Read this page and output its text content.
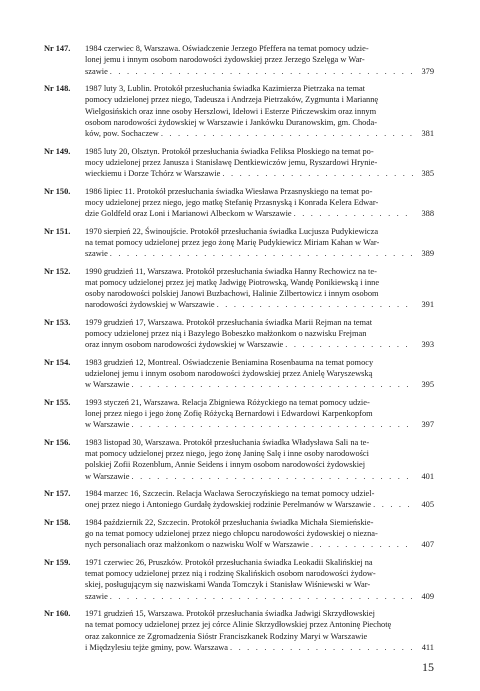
Nr 147. 1984 czerwiec 8, Warszawa. Oświadczenie Jerzego Pfeffera na temat pomocy udzie-
lonej jemu i innym osobom narodowości żydowskiej przez Jerzego Szelęga w War-
szawie . . .	379
Nr 148. 1987 luty 3, Lublin. Protokół przesłuchania świadka Kazimierza Pietrzaka na temat
pomocy udzielonej przez niego, Tadeusza i Andrzeja Pietrzaków, Zygmunta i Mariannę
Wielgosińskich oraz inne osoby Herszlowi, Idełowi i Esterze Pińczewskim oraz innym
osobom narodowości żydowskiej w Warszawie i Jankówku Duranowskim, gm. Choda-
ków, pow. Sochaczew . . .	381
Nr 149. 1985 luty 20, Olsztyn. Protokół przesłuchania świadka Feliksa Płoskiego na temat po-
mocy udzielonej przez Janusza i Stanisławę Dentkiewiczów jemu, Ryszardowi Hrynie-
wieckiemu i Dorze Tchórz w Warszawie . . .	385
Nr 150. 1986 lipiec 11. Protokół przesłuchania świadka Wiesława Przasnyskiego na temat po-
mocy udzielonej przez niego, jego matkę Stefanię Przasnyską i Konrada Kelera Edwar-
dzie Goldfeld oraz Loni i Marianowi Albeckom w Warszawie . . .	388
Nr 151. 1970 sierpień 22, Świnoujście. Protokół przesłuchania świadka Lucjusza Pudykiewicza
na temat pomocy udzielonej przez jego żonę Marię Pudykiewicz Miriam Kahan w War-
szawie . . .	389
Nr 152. 1990 grudzień 11, Warszawa. Protokół przesłuchania świadka Hanny Rechowicz na te-
mat pomocy udzielonej przez jej matkę Jadwigę Piotrowską, Wandę Ponikiewską i inne
osoby narodowości polskiej Janowi Buzbachowi, Halinie Zilbertowicz i innym osobom
narodowości żydowskiej w Warszawie . . .	391
Nr 153. 1979 grudzień 17, Warszawa. Protokół przesłuchania świadka Marii Rejman na temat
pomocy udzielonej przez nią i Bazylego Bobeszko małżonkom o nazwisku Frejman
oraz innym osobom narodowości żydowskiej w Warszawie . . .	393
Nr 154. 1983 grudzień 12, Montreal. Oświadczenie Beniamina Rosenbauma na temat pomocy
udzielonej jemu i innym osobom narodowości żydowskiej przez Anielę Waryszewską
w Warszawie . . .	395
Nr 155. 1993 styczeń 21, Warszawa. Relacja Zbigniewa Różyckiego na temat pomocy udzie-
lonej przez niego i jego żonę Zofię Różycką Bernardowi i Edwardowi Karpenkopfom
w Warszawie . . .	397
Nr 156. 1983 listopad 30, Warszawa. Protokół przesłuchania świadka Władysława Sali na te-
mat pomocy udzielonej przez niego, jego żonę Janinę Salę i inne osoby narodowości
polskiej Zofii Rozenblum, Annie Seidens i innym osobom narodowości żydowskiej
w Warszawie . . .	401
Nr 157. 1984 marzec 16, Szczecin. Relacja Wacława Seroczyńskiego na temat pomocy udziel-
onej przez niego i Antoniego Gurdałę żydowskiej rodzinie Perelmanów w Warszawie . . .	405
Nr 158. 1984 październik 22, Szczecin. Protokół przesłuchania świadka Michała Siemieńskie-
go na temat pomocy udzielonej przez niego chłopcu narodowości żydowskiej o niezna-
nych personaliach oraz małżonkom o nazwisku Wolf w Warszawie . . .	407
Nr 159. 1971 czerwiec 26, Pruszków. Protokół przesłuchania świadka Leokadii Skalińskiej na
temat pomocy udzielonej przez nią i rodzinę Skalińskich osobom narodowości żydow-
skiej, posługującym się nazwiskami Wanda Tomczyk i Stanisław Wiśniewski w War-
szawie . . .	409
Nr 160. 1971 grudzień 15, Warszawa. Protokół przesłuchania świadka Jadwigi Skrzydłowskiej
na temat pomocy udzielonej przez jej córce Alinie Skrzydłowskiej przez Antoninę Piechotę
oraz zakonnice ze Zgromadzenia Sióstr Franciszkanek Rodziny Maryi w Warszawie
i Międzylesiu tejże gminy, pow. Warszawa . . .	411
15
